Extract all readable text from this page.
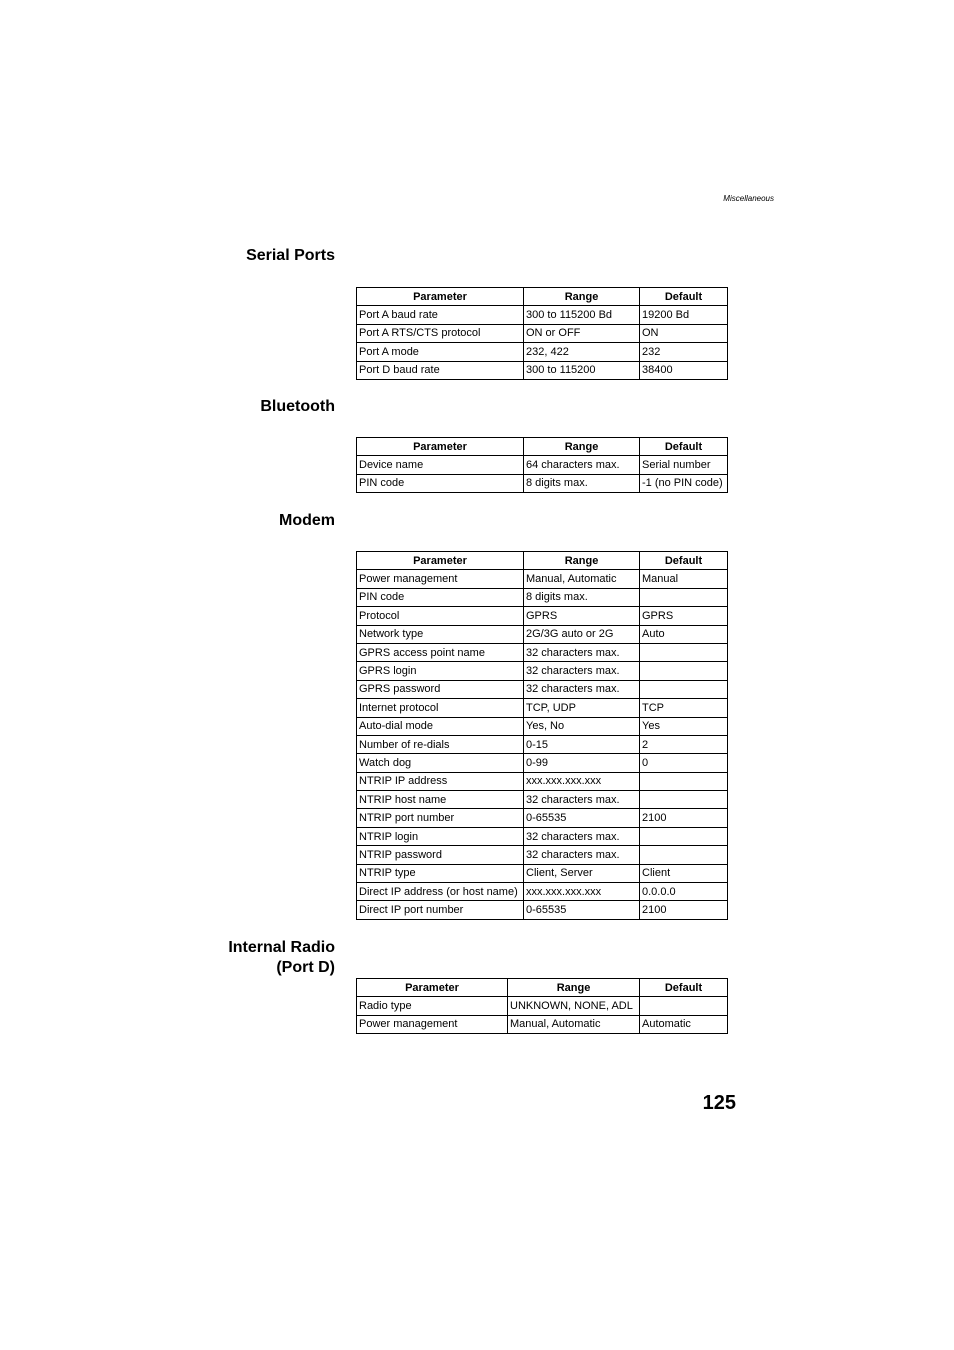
Miscellaneous
Serial Ports
Parameter	Range	Default
Port A baud rate	300 to 115200 Bd	19200 Bd
Port A RTS/CTS protocol	ON or OFF	ON
Port A mode	232, 422	232
Port D baud rate	300 to 115200	38400
Bluetooth
Parameter	Range	Default
Device name	64 characters max.	Serial number
PIN code	8 digits max.	-1 (no PIN code)
Modem
Parameter	Range	Default
Power management	Manual, Automatic	Manual
PIN code	8 digits max.	
Protocol	GPRS	GPRS
Network type	2G/3G auto or 2G	Auto
GPRS access point name	32 characters max.	
GPRS login	32 characters max.	
GPRS password	32 characters max.	
Internet protocol	TCP, UDP	TCP
Auto-dial mode	Yes, No	Yes
Number of re-dials	0-15	2
Watch dog	0-99	0
NTRIP IP address	xxx.xxx.xxx.xxx	
NTRIP host name	32 characters max.	
NTRIP port number	0-65535	2100
NTRIP login	32 characters max.	
NTRIP password	32 characters max.	
NTRIP type	Client, Server	Client
Direct IP address (or host name)	xxx.xxx.xxx.xxx	0.0.0.0
Direct IP port number	0-65535	2100
Internal Radio
(Port D)
Parameter	Range	Default
Radio type	UNKNOWN, NONE, ADL	
Power management	Manual, Automatic	Automatic
125
